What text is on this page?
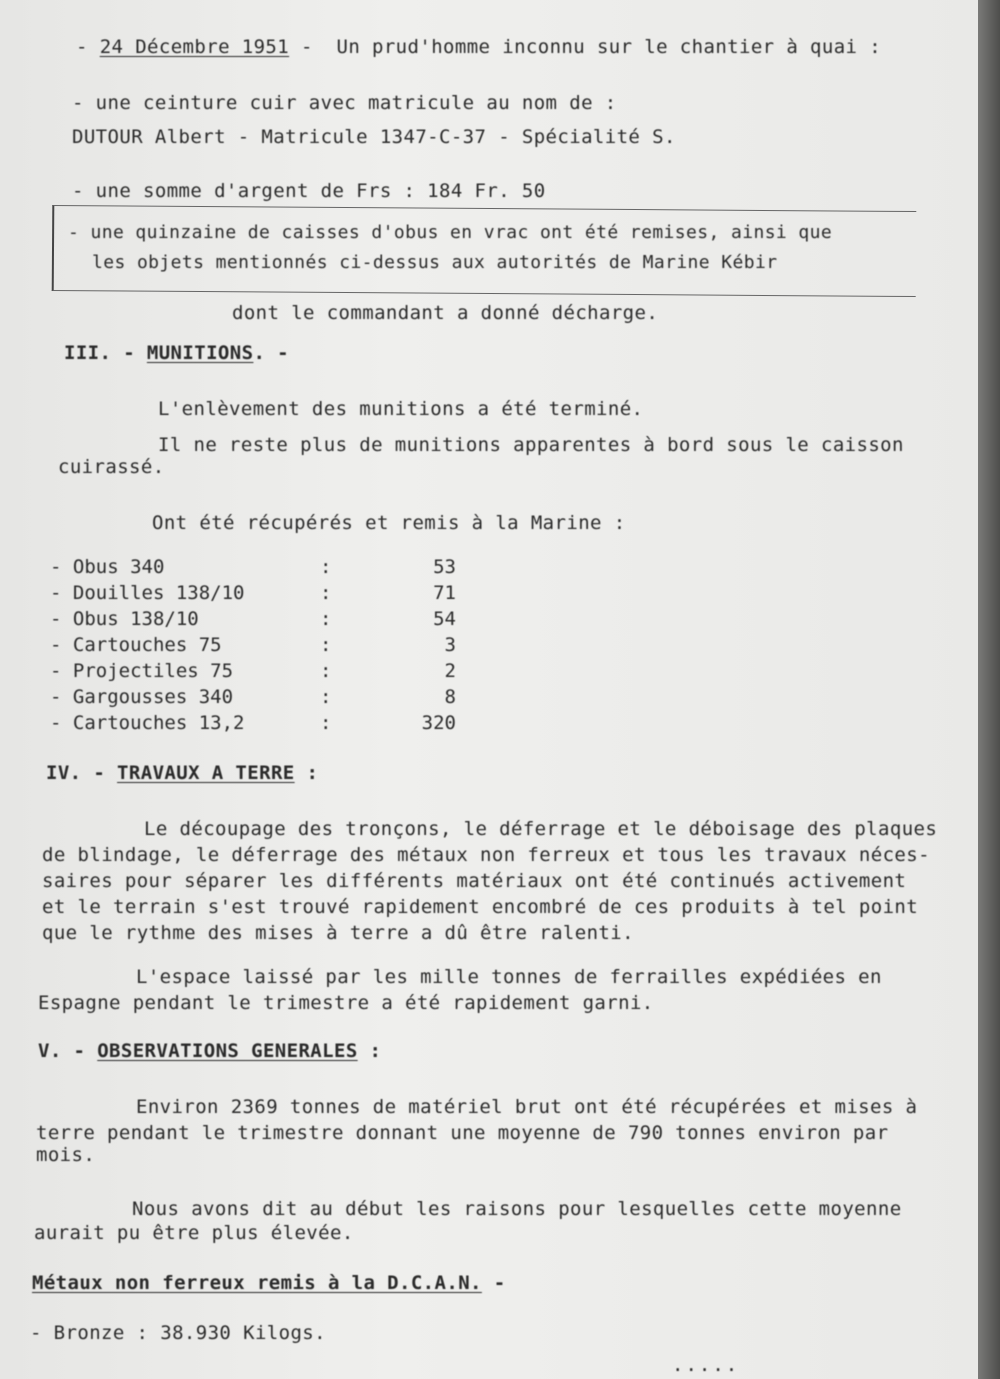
- 24 Décembre 1951 -  Un prud'homme inconnu sur le chantier à quai :
- une ceinture cuir avec matricule au nom de :
DUTOUR Albert - Matricule 1347-C-37 - Spécialité S.
- une somme d'argent de Frs : 184 Fr. 50
- une quinzaine de caisses d'obus en vrac ont été remises, ainsi que
les objets mentionnés ci-dessus aux autorités de Marine Kébir
dont le commandant a donné décharge.
III. - MUNITIONS. -
L'enlèvement des munitions a été terminé.
Il ne reste plus de munitions apparentes à bord sous le caisson
cuirassé.
Ont été récupérés et remis à la Marine :
- Obus 340	:	53
- Douilles 138/10	:	71
- Obus 138/10	:	54
- Cartouches 75	:	3
- Projectiles 75	:	2
- Gargousses 340	:	8
- Cartouches 13,2	:	320
IV. - TRAVAUX A TERRE :
Le découpage des tronçons, le déferrage et le déboisage des plaques
de blindage, le déferrage des métaux non ferreux et tous les travaux néces-
saires pour séparer les différents matériaux ont été continués activement
et le terrain s'est trouvé rapidement encombré de ces produits à tel point
que le rythme des mises à terre a dû être ralenti.
L'espace laissé par les mille tonnes de ferrailles expédiées en
Espagne pendant le trimestre a été rapidement garni.
V. - OBSERVATIONS GENERALES :
Environ 2369 tonnes de matériel brut ont été récupérées et mises à
terre pendant le trimestre donnant une moyenne de 790 tonnes environ par
mois.
Nous avons dit au début les raisons pour lesquelles cette moyenne
aurait pu être plus élevée.
Métaux non ferreux remis à la D.C.A.N. -
- Bronze : 38.930 Kilogs.
.....
